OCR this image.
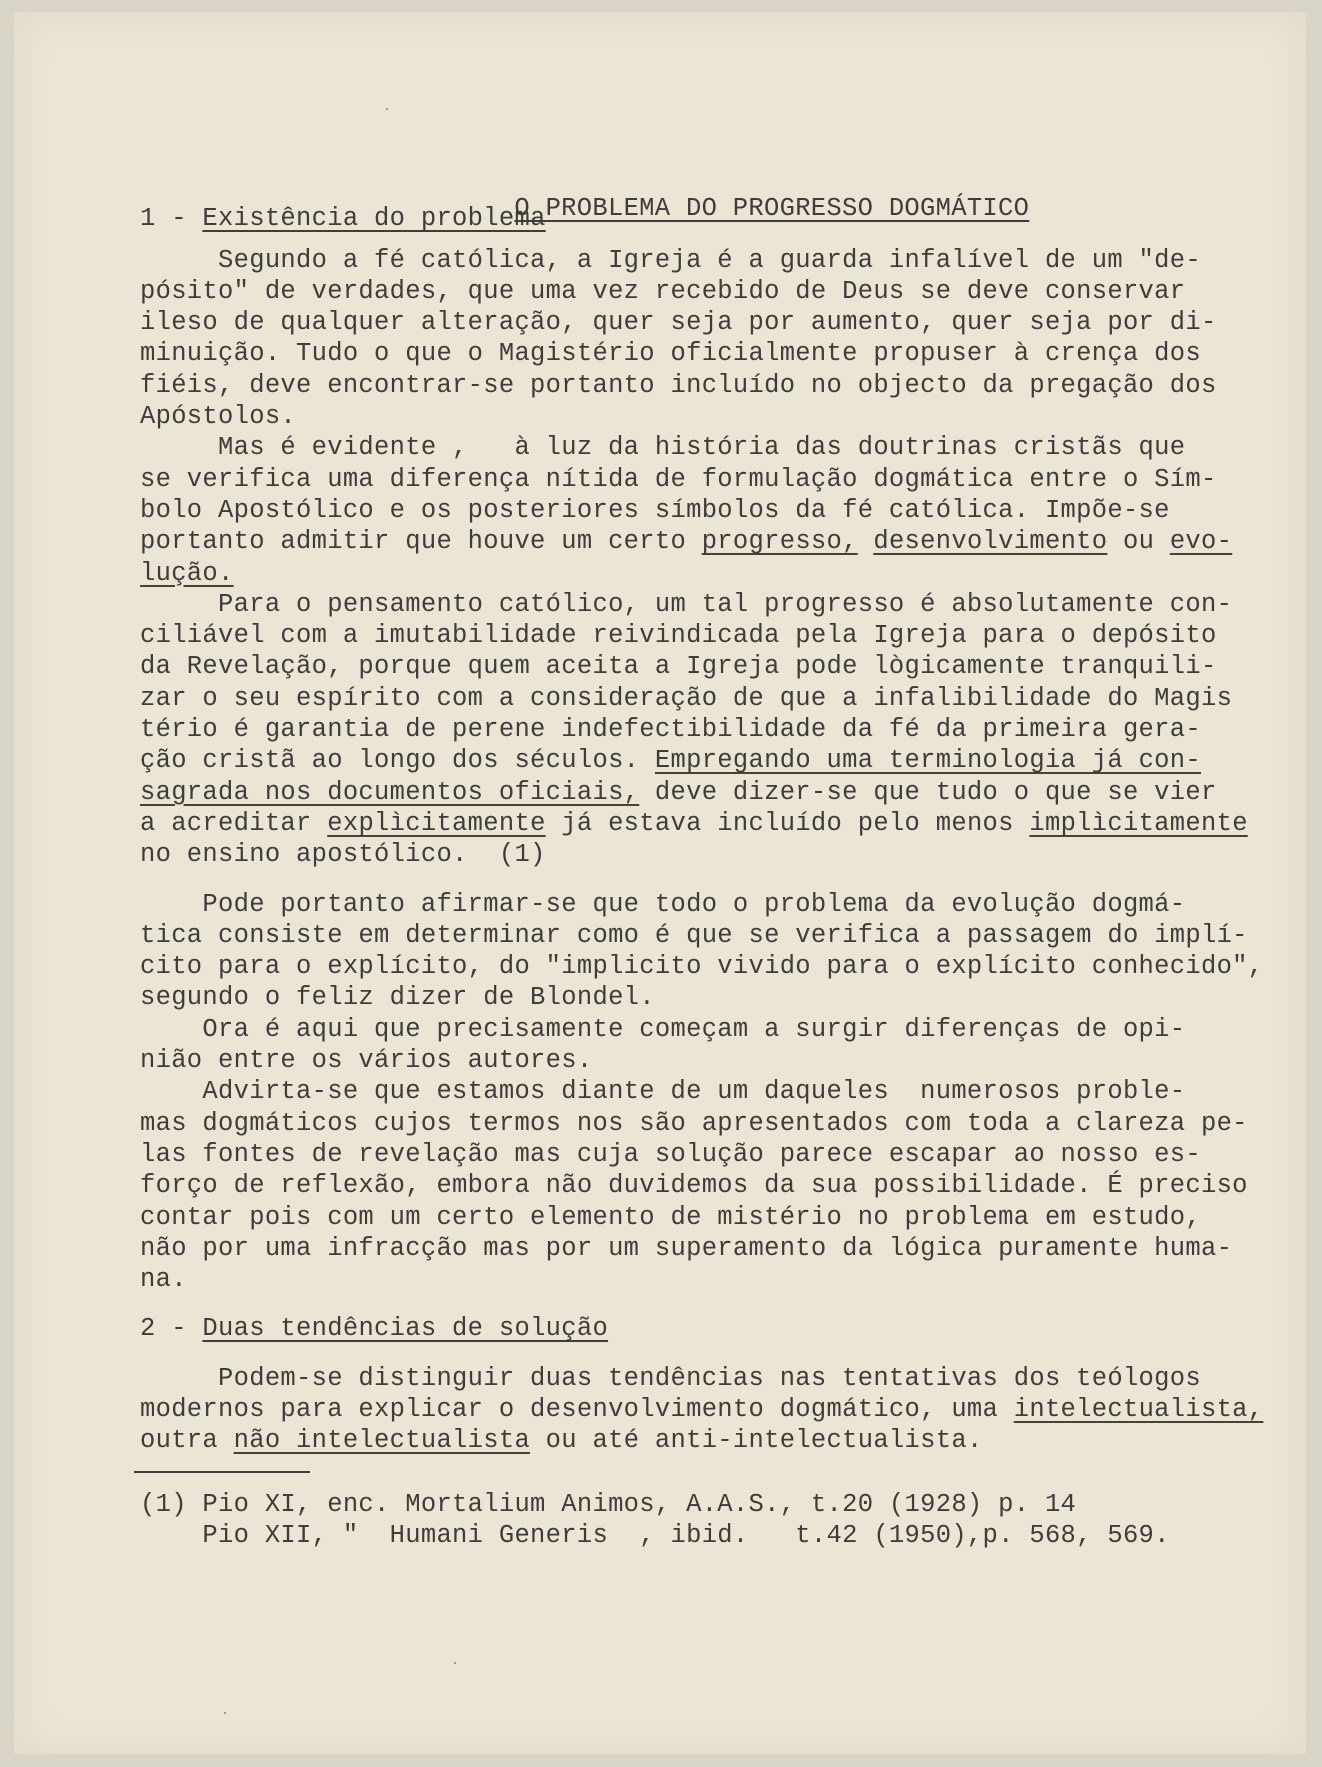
O PROBLEMA DO PROGRESSO DOGMÁTICO

1 - Existência do problema
Segundo a fé católica, a Igreja é a guarda infalível de um "de-
pósito" de verdades, que uma vez recebido de Deus se deve conservar
ileso de qualquer alteração, quer seja por aumento, quer seja por di-
minuição. Tudo o que o Magistério oficialmente propuser à crença dos
fiéis, deve encontrar-se portanto incluído no objecto da pregação dos
Apóstolos.
Mas é evidente ,   à luz da história das doutrinas cristãs que
se verifica uma diferença nítida de formulação dogmática entre o Sím-
bolo Apostólico e os posteriores símbolos da fé católica. Impõe-se
portanto admitir que houve um certo progresso, desenvolvimento ou evo-
lução.
Para o pensamento católico, um tal progresso é absolutamente con-
ciliável com a imutabilidade reivindicada pela Igreja para o depósito
da Revelação, porque quem aceita a Igreja pode lògicamente tranquili-
zar o seu espírito com a consideração de que a infalibilidade do Magis
tério é garantia de perene indefectibilidade da fé da primeira gera-
ção cristã ao longo dos séculos. Empregando uma terminologia já con-
sagrada nos documentos oficiais, deve dizer-se que tudo o que se vier
a acreditar explìcitamente já estava incluído pelo menos implìcitamente
no ensino apostólico.  (1)
Pode portanto afirmar-se que todo o problema da evolução dogmá-
tica consiste em determinar como é que se verifica a passagem do implí-
cito para o explícito, do "implicito vivido para o explícito conhecido",
segundo o feliz dizer de Blondel.
Ora é aqui que precisamente começam a surgir diferenças de opi-
nião entre os vários autores.
Advirta-se que estamos diante de um daqueles  numerosos proble-
mas dogmáticos cujos termos nos são apresentados com toda a clareza pe-
las fontes de revelação mas cuja solução parece escapar ao nosso es-
forço de reflexão, embora não duvidemos da sua possibilidade. É preciso
contar pois com um certo elemento de mistério no problema em estudo,
não por uma infracção mas por um superamento da lógica puramente huma-
na.
2 - Duas tendências de solução
Podem-se distinguir duas tendências nas tentativas dos teólogos
modernos para explicar o desenvolvimento dogmático, uma intelectualista,
outra não intelectualista ou até anti-intelectualista.
(1) Pio XI, enc. Mortalium Animos, A.A.S., t.20 (1928) p. 14
Pio XII, "  Humani Generis  , ibid.   t.42 (1950),p. 568, 569.
